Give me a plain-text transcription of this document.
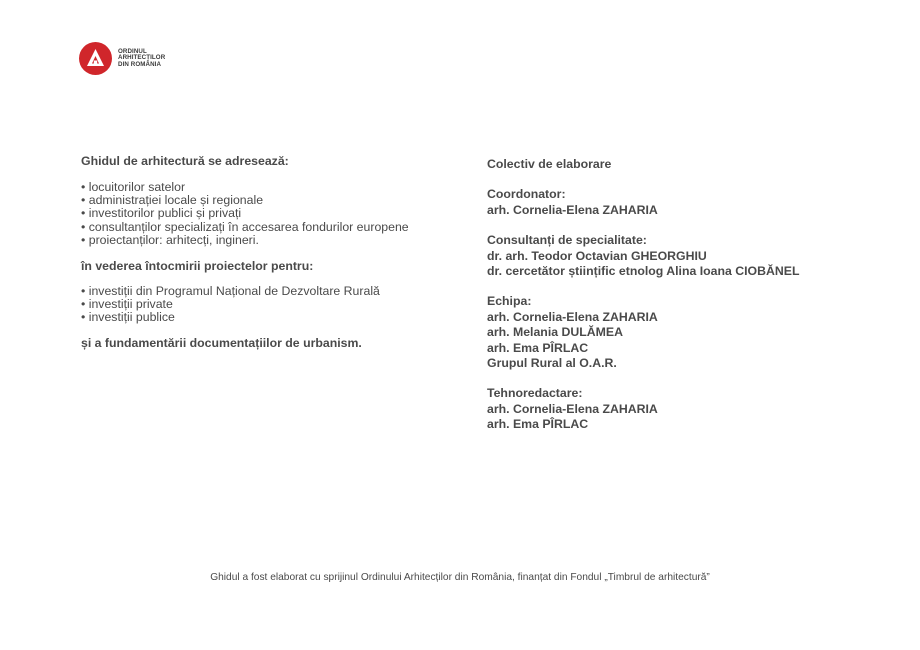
ORDINUL
ARHITECȚILOR
DIN ROMÂNIA

Ghidul de arhitectură se adresează:

• locuitorilor satelor
• administrației locale și regionale
• investitorilor publici și privați
• consultanților specializați în accesarea fondurilor europene
• proiectanților: arhitecți, ingineri.

în vederea întocmirii proiectelor pentru:

• investiții din Programul Național de Dezvoltare Rurală
• investiții private
• investiții publice

și a fundamentării documentațiilor de urbanism.

Colectiv de elaborare

Coordonator:
arh. Cornelia-Elena ZAHARIA
Consultanți de specialitate:
dr. arh. Teodor Octavian GHEORGHIU
dr. cercetător științific etnolog Alina Ioana CIOBĂNEL
Echipa:
arh. Cornelia-Elena ZAHARIA
arh. Melania DULĂMEA
arh. Ema PÎRLAC
Grupul Rural al O.A.R.
Tehnoredactare:
arh. Cornelia-Elena ZAHARIA
arh. Ema PÎRLAC
Ghidul a fost elaborat cu sprijinul Ordinului Arhitecților din România, finanțat din Fondul „Timbrul de arhitectură”
